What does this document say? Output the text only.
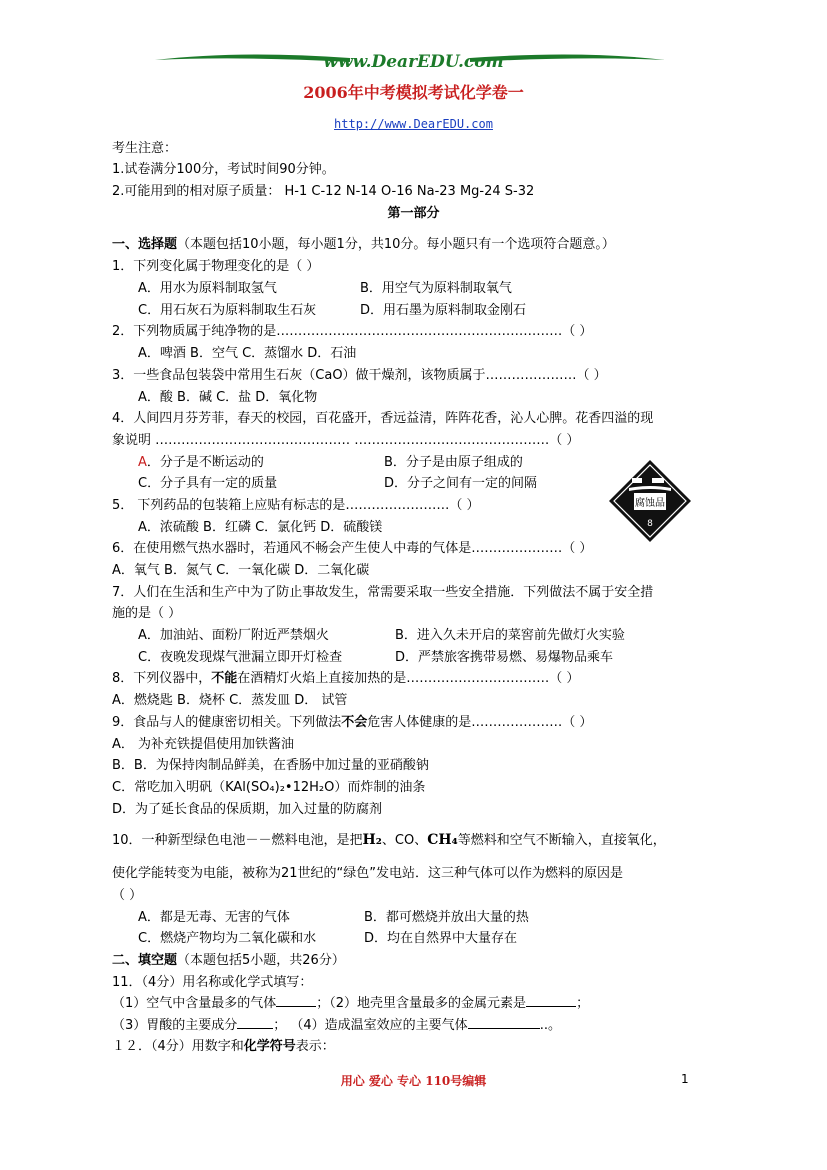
www.DearEDU.com
2006年中考模拟考试化学卷一
http://www.DearEDU.com
考生注意：
1.试卷满分100分，考试时间90分钟。
2.可能用到的相对原子质量： H-1 C-12 N-14 O-16 Na-23 Mg-24 S-32
第一部分
一、选择题（本题包括10小题，每小题1分，共10分。每小题只有一个选项符合题意。）
1．下列变化属于物理变化的是（ ）
A．用水为原料制取氢气	B．用空气为原料制取氧气
C．用石灰石为原料制取生石灰	D．用石墨为原料制取金刚石
2．下列物质属于纯净物的是…………………………………………………………（ ）
A．啤酒 B．空气 C．蒸馏水 D．石油
3．一些食品包装袋中常用生石灰（CaO）做干燥剂，该物质属于…………………（ ）
A．酸 B．碱 C．盐 D．氧化物
4．人间四月芬芳菲，春天的校园，百花盛开，香远益清，阵阵花香，沁人心脾。花香四溢的现
象说明 ……………………………………… ………………………………………（ ）
A．分子是不断运动的	B．分子是由原子组成的
C．分子具有一定的质量	D．分子之间有一定的间隔
5． 下列药品的包装箱上应贴有标志的是……………………（ ）
A．浓硫酸 B．红磷 C．氯化钙 D．硫酸镁
腐蚀品
8
6．在使用燃气热水器时，若通风不畅会产生使人中毒的气体是…………………（ ）
A．氧气 B．氮气 C．一氧化碳 D．二氧化碳
7．人们在生活和生产中为了防止事故发生，常需要采取一些安全措施．下列做法不属于安全措
施的是（ ）
A．加油站、面粉厂附近严禁烟火	B．进入久未开启的菜窖前先做灯火实验
C．夜晚发现煤气泄漏立即开灯检查	D．严禁旅客携带易燃、易爆物品乘车
8．下列仪器中，不能在酒精灯火焰上直接加热的是……………………………（ ）
A．燃烧匙 B．烧杯 C．蒸发皿 D． 试管
9．食品与人的健康密切相关。下列做法不会危害人体健康的是…………………（ ）
A． 为补充铁提倡使用加铁酱油
B．B．为保持肉制品鲜美，在香肠中加过量的亚硝酸钠
C．常吃加入明矾（KAl(SO₄)₂•12H₂O）而炸制的油条
D．为了延长食品的保质期，加入过量的防腐剂
10．一种新型绿色电池－－燃料电池，是把H₂、CO、CH₄等燃料和空气不断输入，直接氧化，
使化学能转变为电能，被称为21世纪的“绿色”发电站．这三种气体可以作为燃料的原因是
（ ）
A．都是无毒、无害的气体	B．都可燃烧并放出大量的热
C．燃烧产物均为二氧化碳和水	D．均在自然界中大量存在
二、填空题（本题包括5小题，共26分）
11．（4分）用名称或化学式填写：
（1）空气中含量最多的气体	；（2）地壳里含量最多的金属元素是	；
（3）胃酸的主要成分	； （4）造成温室效应的主要气体	..。
１２．（4分）用数字和化学符号表示：
用心 爱心 专心 110号编辑	1
